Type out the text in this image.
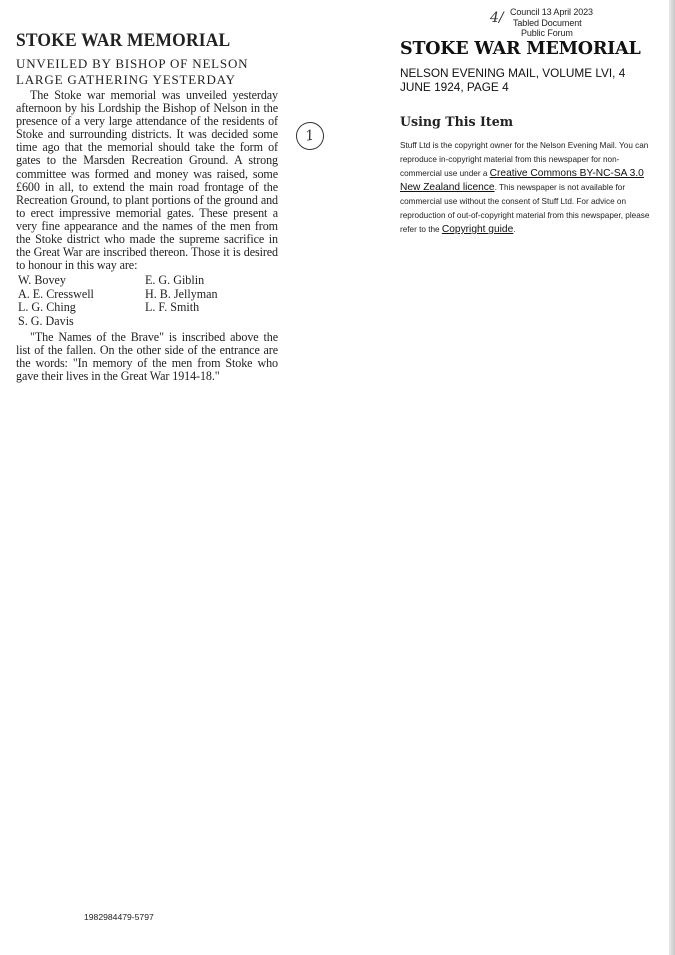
4/ Council 13 April 2023
Tabled Document
Public Forum
STOKE WAR MEMORIAL
UNVEILED BY BISHOP OF NELSON
LARGE GATHERING YESTERDAY

The Stoke war memorial was unveiled yesterday afternoon by his Lordship the Bishop of Nelson in the presence of a very large attendance of the residents of Stoke and surrounding districts. It was decided some time ago that the memorial should take the form of gates to the Marsden Recreation Ground. A strong committee was formed and money was raised, some £600 in all, to extend the main road frontage of the Recreation Ground, to plant portions of the ground and to erect impressive memorial gates. These present a very fine appearance and the names of the men from the Stoke district who made the supreme sacrifice in the Great War are inscribed thereon. Those it is desired to honour in this way are:

W. Bovey	E. G. Giblin
A. E. Cresswell	H. B. Jellyman
L. G. Ching	L. F. Smith
S. G. Davis

"The Names of the Brave" is inscribed above the list of the fallen. On the other side of the entrance are the words: "In memory of the men from Stoke who gave their lives in the Great War 1914-18."

1
STOKE WAR MEMORIAL
NELSON EVENING MAIL, VOLUME LVI, 4 JUNE 1924, PAGE 4
Using This Item

Stuff Ltd is the copyright owner for the Nelson Evening Mail. You can reproduce in-copyright material from this newspaper for non-commercial use under a Creative Commons BY-NC-SA 3.0 New Zealand licence. This newspaper is not available for commercial use without the consent of Stuff Ltd. For advice on reproduction of out-of-copyright material from this newspaper, please refer to the Copyright guide.

1982984479-5797
